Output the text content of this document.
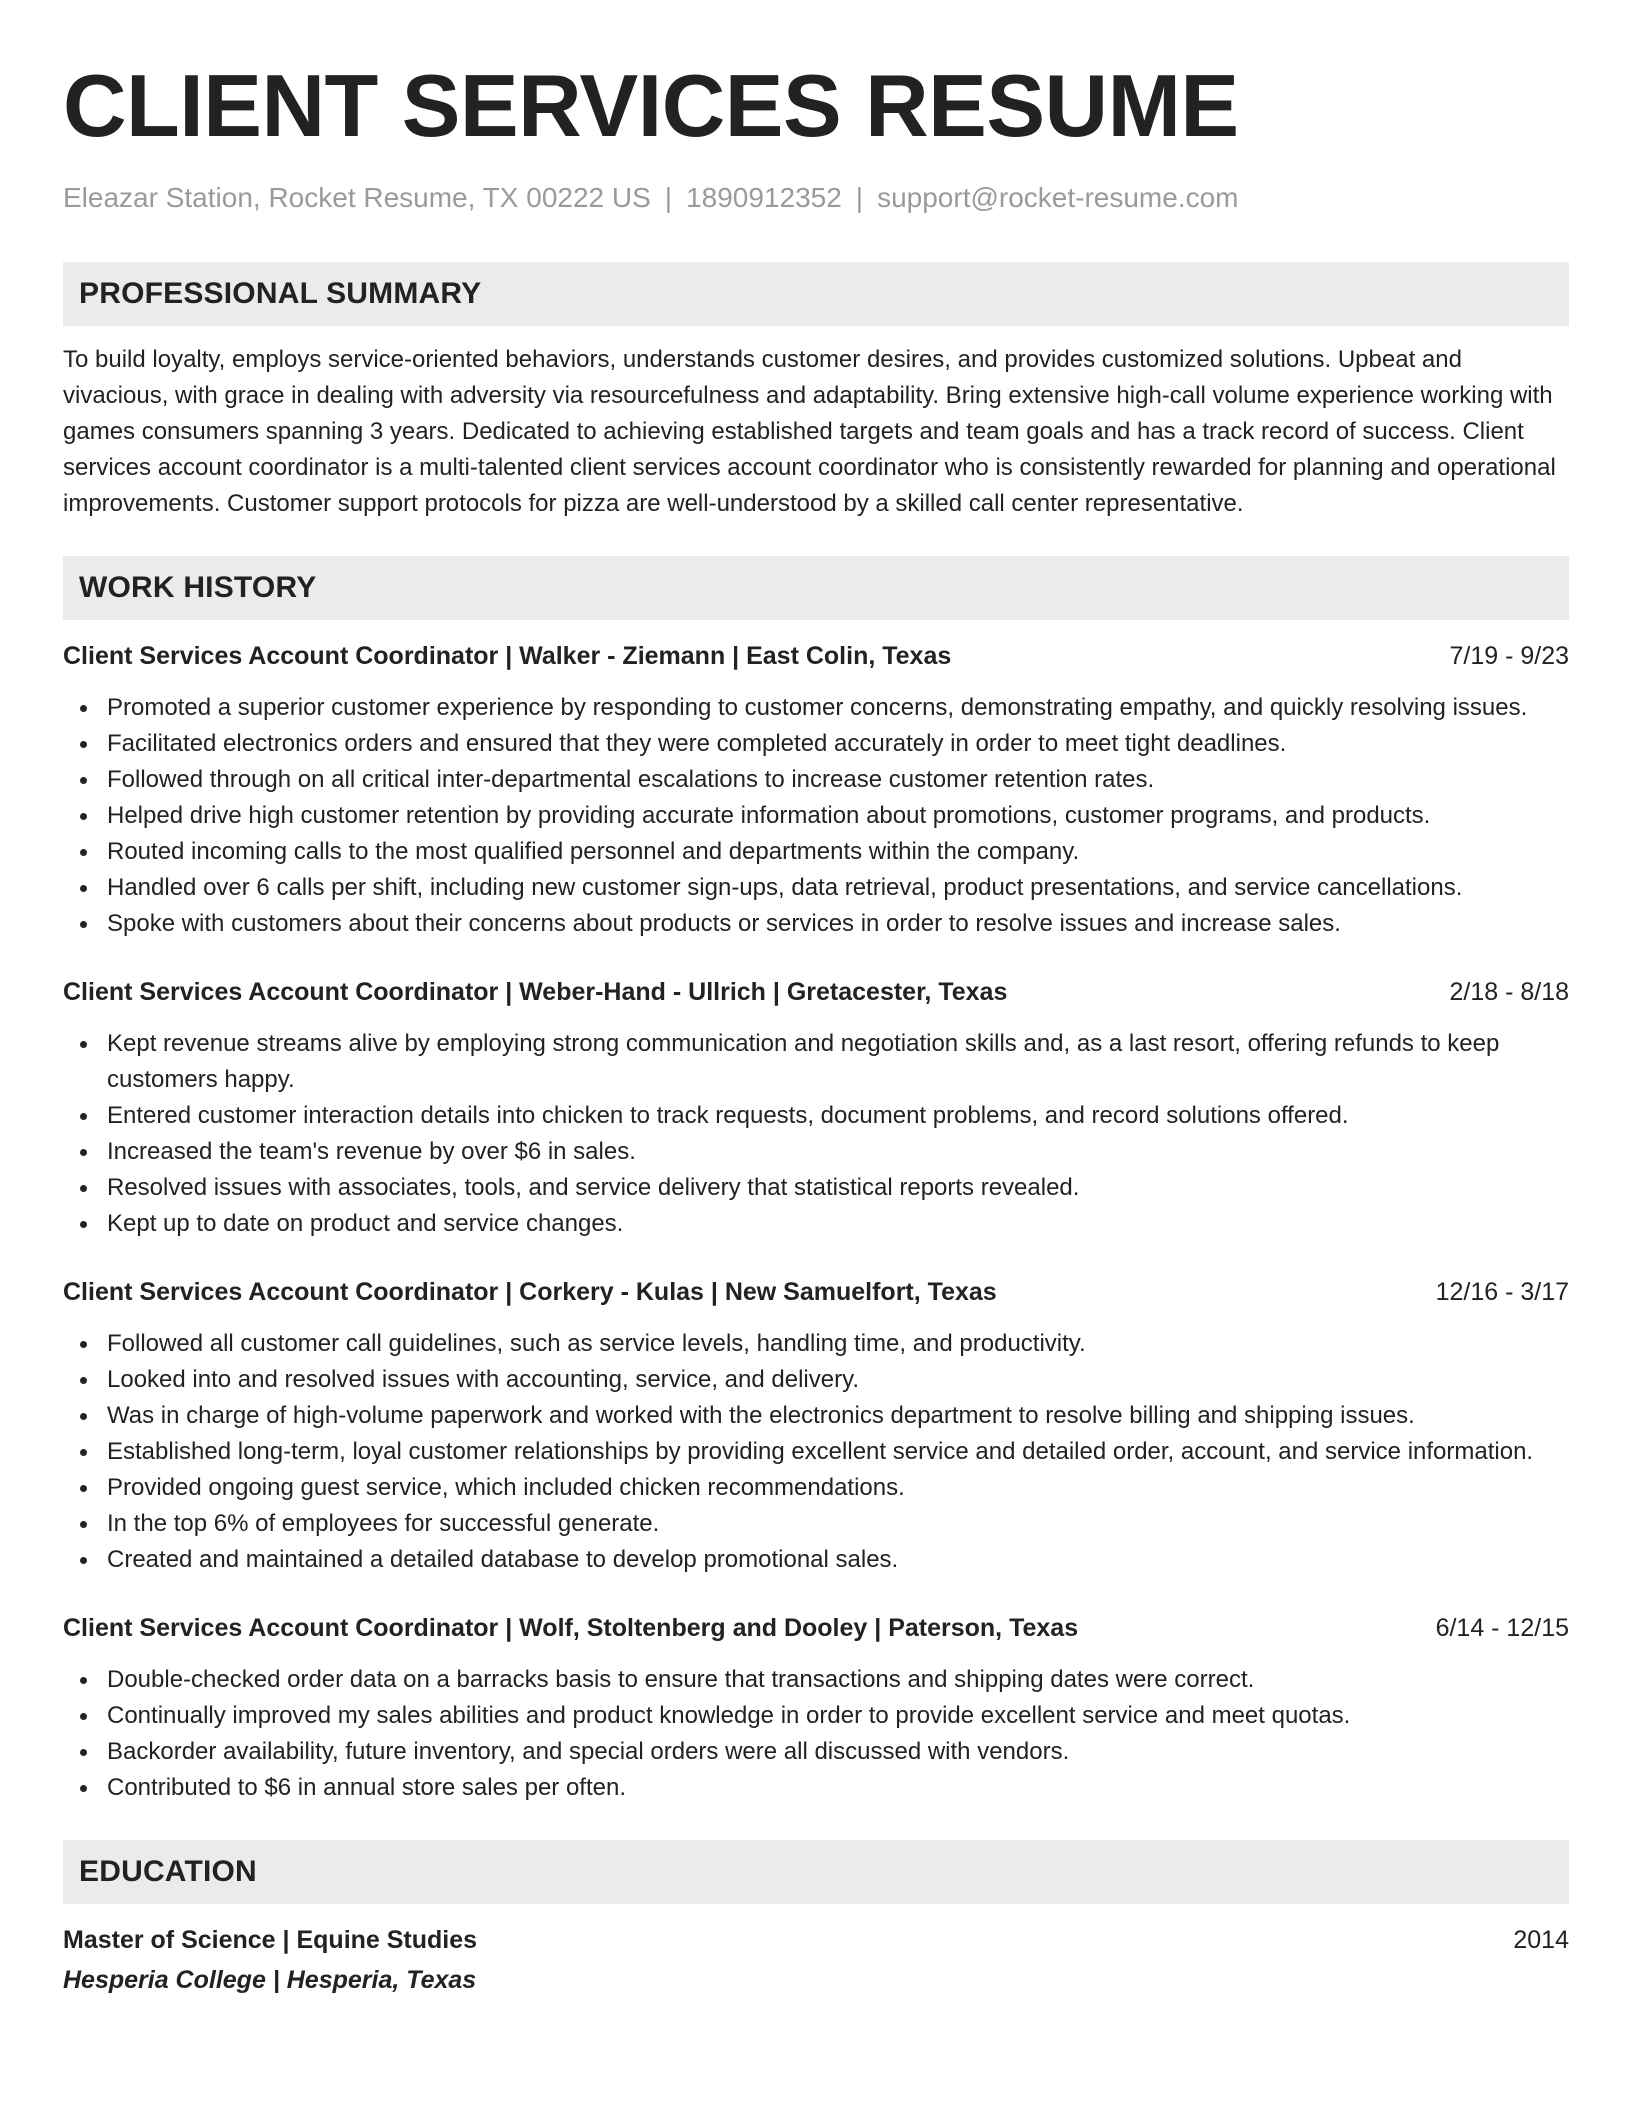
CLIENT SERVICES RESUME
Eleazar Station, Rocket Resume, TX 00222 US | 1890912352 | support@rocket-resume.com
PROFESSIONAL SUMMARY

To build loyalty, employs service-oriented behaviors, understands customer desires, and provides customized solutions. Upbeat and vivacious, with grace in dealing with adversity via resourcefulness and adaptability. Bring extensive high-call volume experience working with games consumers spanning 3 years. Dedicated to achieving established targets and team goals and has a track record of success. Client services account coordinator is a multi-talented client services account coordinator who is consistently rewarded for planning and operational improvements. Customer support protocols for pizza are well-understood by a skilled call center representative.

WORK HISTORY
Client Services Account Coordinator | Walker - Ziemann | East Colin, Texas	7/19 - 9/23
Promoted a superior customer experience by responding to customer concerns, demonstrating empathy, and quickly resolving issues.
Facilitated electronics orders and ensured that they were completed accurately in order to meet tight deadlines.
Followed through on all critical inter-departmental escalations to increase customer retention rates.
Helped drive high customer retention by providing accurate information about promotions, customer programs, and products.
Routed incoming calls to the most qualified personnel and departments within the company.
Handled over 6 calls per shift, including new customer sign-ups, data retrieval, product presentations, and service cancellations.
Spoke with customers about their concerns about products or services in order to resolve issues and increase sales.
Client Services Account Coordinator | Weber-Hand - Ullrich | Gretacester, Texas	2/18 - 8/18
Kept revenue streams alive by employing strong communication and negotiation skills and, as a last resort, offering refunds to keep customers happy.
Entered customer interaction details into chicken to track requests, document problems, and record solutions offered.
Increased the team's revenue by over $6 in sales.
Resolved issues with associates, tools, and service delivery that statistical reports revealed.
Kept up to date on product and service changes.
Client Services Account Coordinator | Corkery - Kulas | New Samuelfort, Texas	12/16 - 3/17
Followed all customer call guidelines, such as service levels, handling time, and productivity.
Looked into and resolved issues with accounting, service, and delivery.
Was in charge of high-volume paperwork and worked with the electronics department to resolve billing and shipping issues.
Established long-term, loyal customer relationships by providing excellent service and detailed order, account, and service information.
Provided ongoing guest service, which included chicken recommendations.
In the top 6% of employees for successful generate.
Created and maintained a detailed database to develop promotional sales.
Client Services Account Coordinator | Wolf, Stoltenberg and Dooley | Paterson, Texas	6/14 - 12/15
Double-checked order data on a barracks basis to ensure that transactions and shipping dates were correct.
Continually improved my sales abilities and product knowledge in order to provide excellent service and meet quotas.
Backorder availability, future inventory, and special orders were all discussed with vendors.
Contributed to $6 in annual store sales per often.
EDUCATION
Master of Science | Equine Studies	2014
Hesperia College | Hesperia, Texas
